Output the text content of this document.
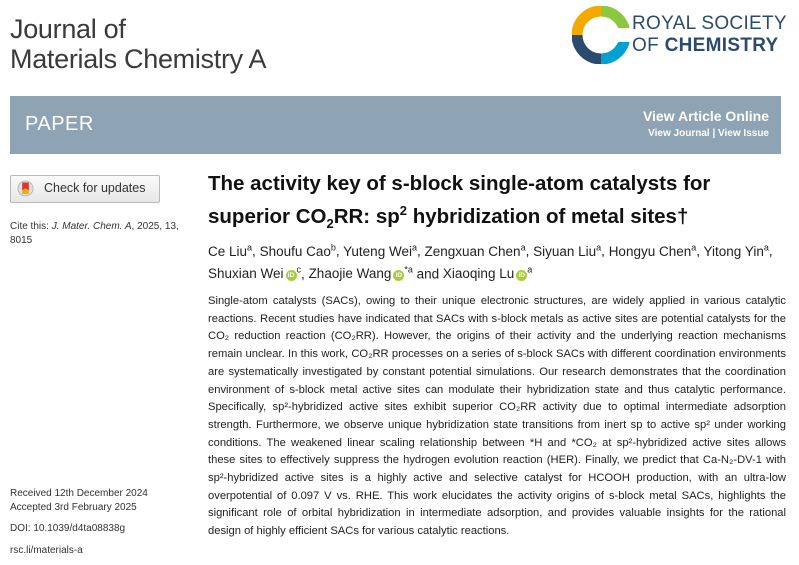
Journal of
Materials Chemistry A
ROYAL SOCIETY
OF CHEMISTRY
PAPER	View Article Online
View Journal | View Issue
Check for updates
Cite this: J. Mater. Chem. A, 2025, 13, 8015
The activity key of s-block single-atom catalysts for superior $CO_2RR$: $sp^2$ hybridization of metal sites†
Ce Liu$^a$, Shoufu Cao$^b$, Yuteng Wei$^a$, Zengxuan Chen$^a$, Siyuan Liu$^a$, Hongyu Chen$^a$, Yitong Yin$^a$, Shuxian Wei $iD^c$, Zhaojie Wang $iD^{*a}$ and Xiaoqing Lu $iD^a$

Single-atom catalysts (SACs), owing to their unique electronic structures, are widely applied in various catalytic reactions. Recent studies have indicated that SACs with s-block metals as active sites are potential catalysts for the CO₂ reduction reaction (CO₂RR). However, the origins of their activity and the underlying reaction mechanisms remain unclear. In this work, CO₂RR processes on a series of s-block SACs with different coordination environments are systematically investigated by constant potential simulations. Our research demonstrates that the coordination environment of s-block metal active sites can modulate their hybridization state and thus catalytic performance. Specifically, sp²-hybridized active sites exhibit superior CO₂RR activity due to optimal intermediate adsorption strength. Furthermore, we observe unique hybridization state transitions from inert sp to active sp² under working conditions. The weakened linear scaling relationship between *H and *CO₂ at sp²-hybridized active sites allows these sites to effectively suppress the hydrogen evolution reaction (HER). Finally, we predict that Ca-N₂-DV-1 with sp²-hybridized active sites is a highly active and selective catalyst for HCOOH production, with an ultra-low overpotential of 0.097 V vs. RHE. This work elucidates the activity origins of s-block metal SACs, highlights the significant role of orbital hybridization in intermediate adsorption, and provides valuable insights for the rational design of highly efficient SACs for various catalytic reactions.

Received 12th December 2024
Accepted 3rd February 2025
DOI: 10.1039/d4ta08838g
rsc.li/materials-a
